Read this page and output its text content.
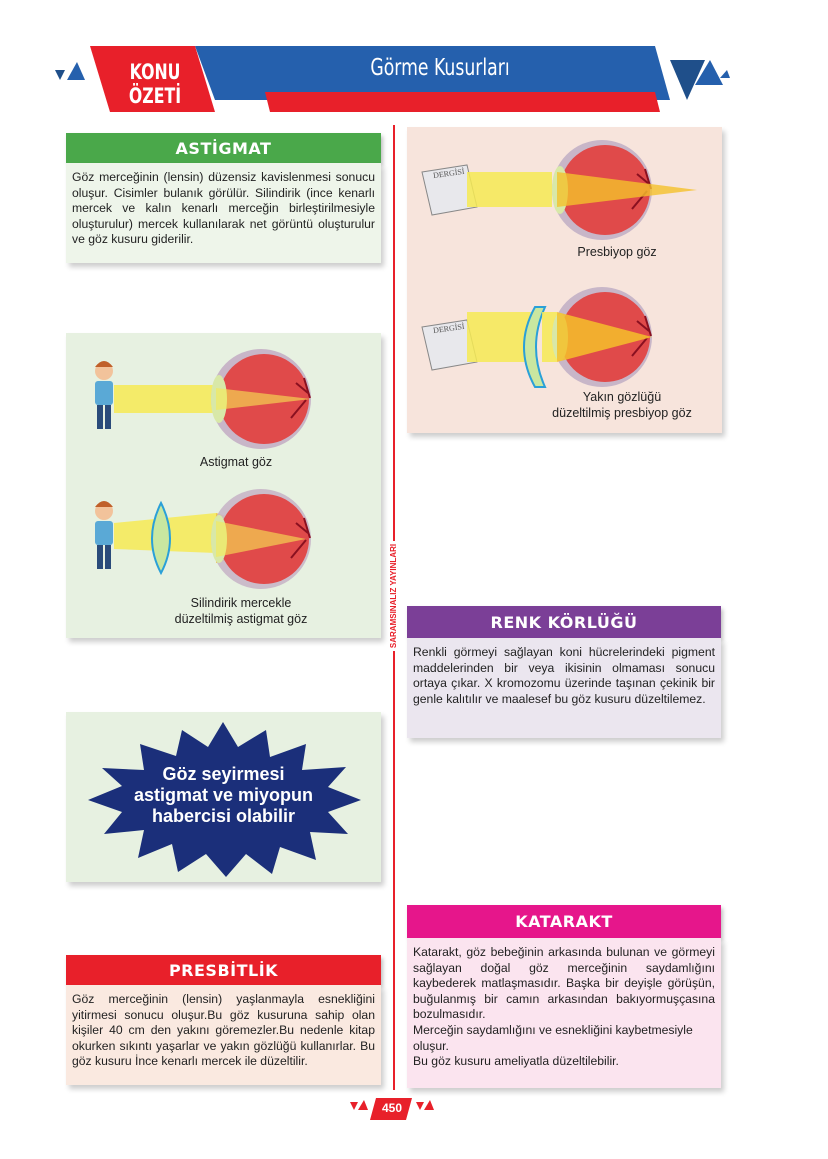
KONU ÖZETİ
Görme Kusurları
SARAMSINALIZ YAYINLARI
ASTİGMAT
Göz merceğinin (lensin) düzensiz kavislenmesi sonucu oluşur. Cisimler bulanık görülür. Silindirik (ince kenarlı mercek ve kalın kenarlı merceğin birleştirilmesiyle oluşturulur) mercek kullanılarak net görüntü oluşturulur ve göz kusuru giderilir.
Astigmat göz
Silindirik mercekle
düzeltilmiş astigmat göz
Göz seyirmesi
astigmat ve miyopun
habercisi olabilir
PRESBİTLİK
Göz merceğinin (lensin) yaşlanmayla esnekliğini yitirmesi sonucu oluşur.Bu göz kusuruna sahip olan kişiler 40 cm den yakını göremezler.Bu nedenle kitap okurken sıkıntı yaşarlar ve yakın gözlüğü kullanırlar. Bu göz kusuru İnce kenarlı mercek ile düzeltilir.
DERGİSİ
DERGİSİ
Presbiyop göz
Yakın gözlüğü
düzeltilmiş presbiyop göz
RENK KÖRLÜĞÜ
Renkli görmeyi sağlayan koni hücrelerindeki pigment maddelerinden bir veya ikisinin olmaması sonucu ortaya çıkar. X kromozomu üzerinde taşınan çekinik bir genle kalıtılır ve maalesef bu göz kusuru düzeltilemez.
KATARAKT
Katarakt, göz bebeğinin arkasında bulunan ve görmeyi sağlayan doğal göz merceğinin saydamlığını kaybederek matlaşmasıdır. Başka bir deyişle görüşün, buğulanmış bir camın arkasından bakıyormuşçasına bozulmasıdır.
Merceğin saydamlığını ve esnekliğini kaybetmesiyle oluşur.
Bu göz kusuru ameliyatla düzeltilebilir.
450
